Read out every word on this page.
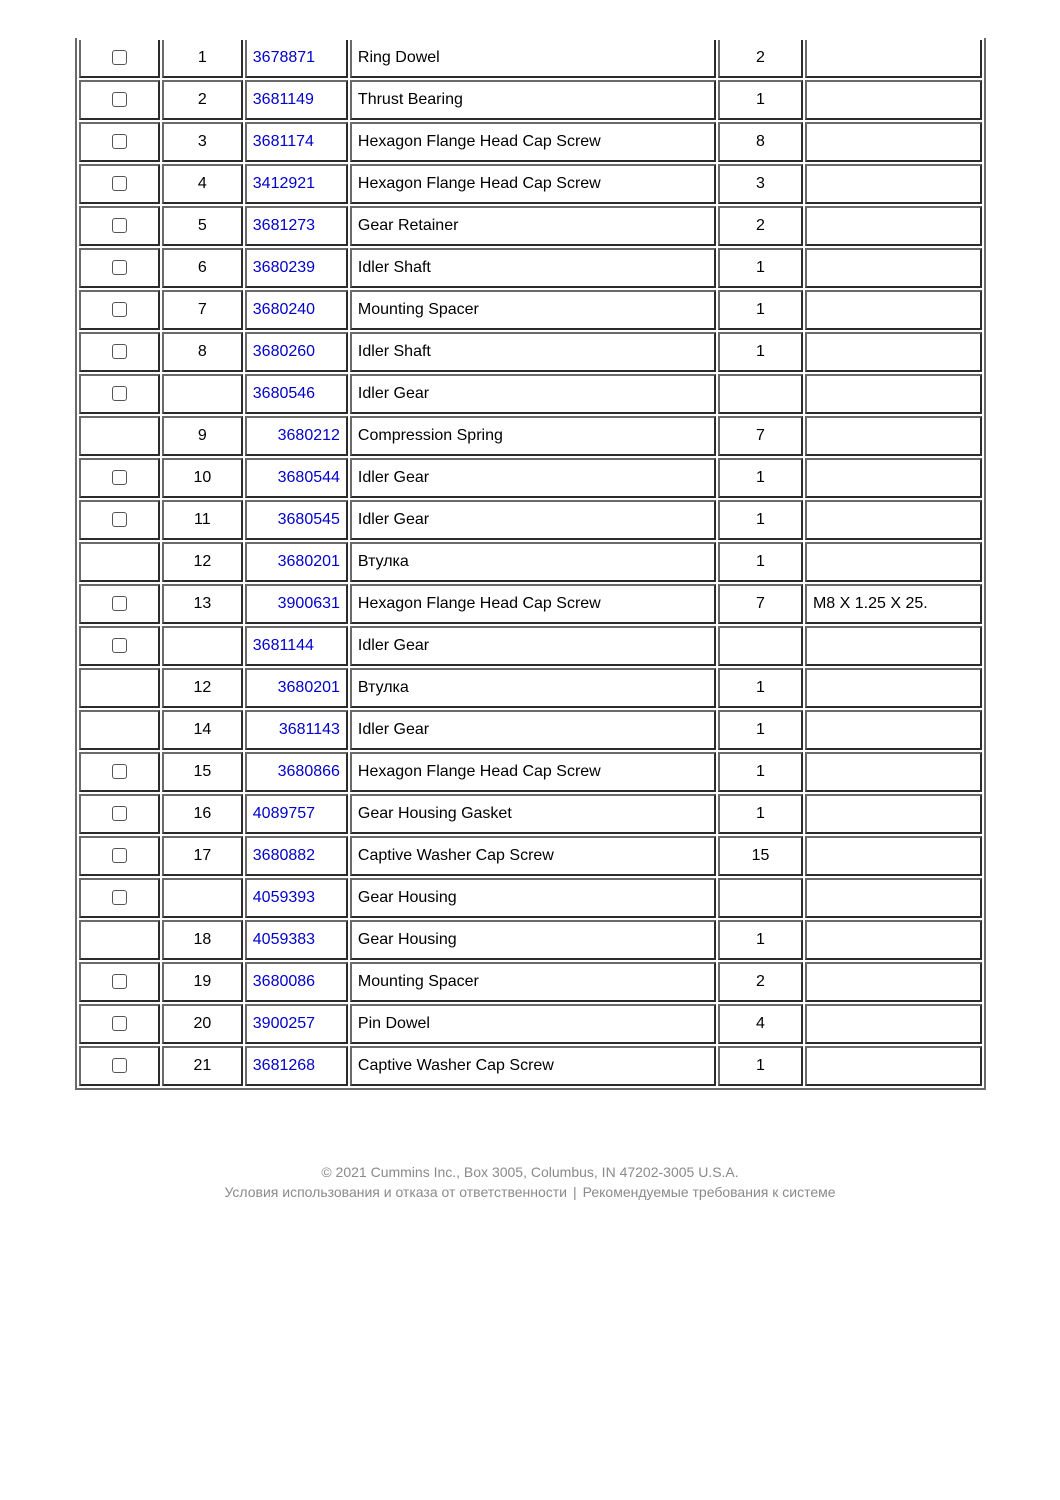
	1	3678871	Ring Dowel	2	
	2	3681149	Thrust Bearing	1	
	3	3681174	Hexagon Flange Head Cap Screw	8	
	4	3412921	Hexagon Flange Head Cap Screw	3	
	5	3681273	Gear Retainer	2	
	6	3680239	Idler Shaft	1	
	7	3680240	Mounting Spacer	1	
	8	3680260	Idler Shaft	1	
		3680546	Idler Gear		
	9	3680212	Compression Spring	7	
	10	3680544	Idler Gear	1	
	11	3680545	Idler Gear	1	
	12	3680201	Втулка	1	
	13	3900631	Hexagon Flange Head Cap Screw	7	M8 X 1.25 X 25.
		3681144	Idler Gear		
	12	3680201	Втулка	1	
	14	3681143	Idler Gear	1	
	15	3680866	Hexagon Flange Head Cap Screw	1	
	16	4089757	Gear Housing Gasket	1	
	17	3680882	Captive Washer Cap Screw	15	
		4059393	Gear Housing		
	18	4059383	Gear Housing	1	
	19	3680086	Mounting Spacer	2	
	20	3900257	Pin Dowel	4	
	21	3681268	Captive Washer Cap Screw	1	
© 2021 Cummins Inc., Box 3005, Columbus, IN 47202-3005 U.S.A.
Условия использования и отказа от ответственности | Рекомендуемые требования к системе
